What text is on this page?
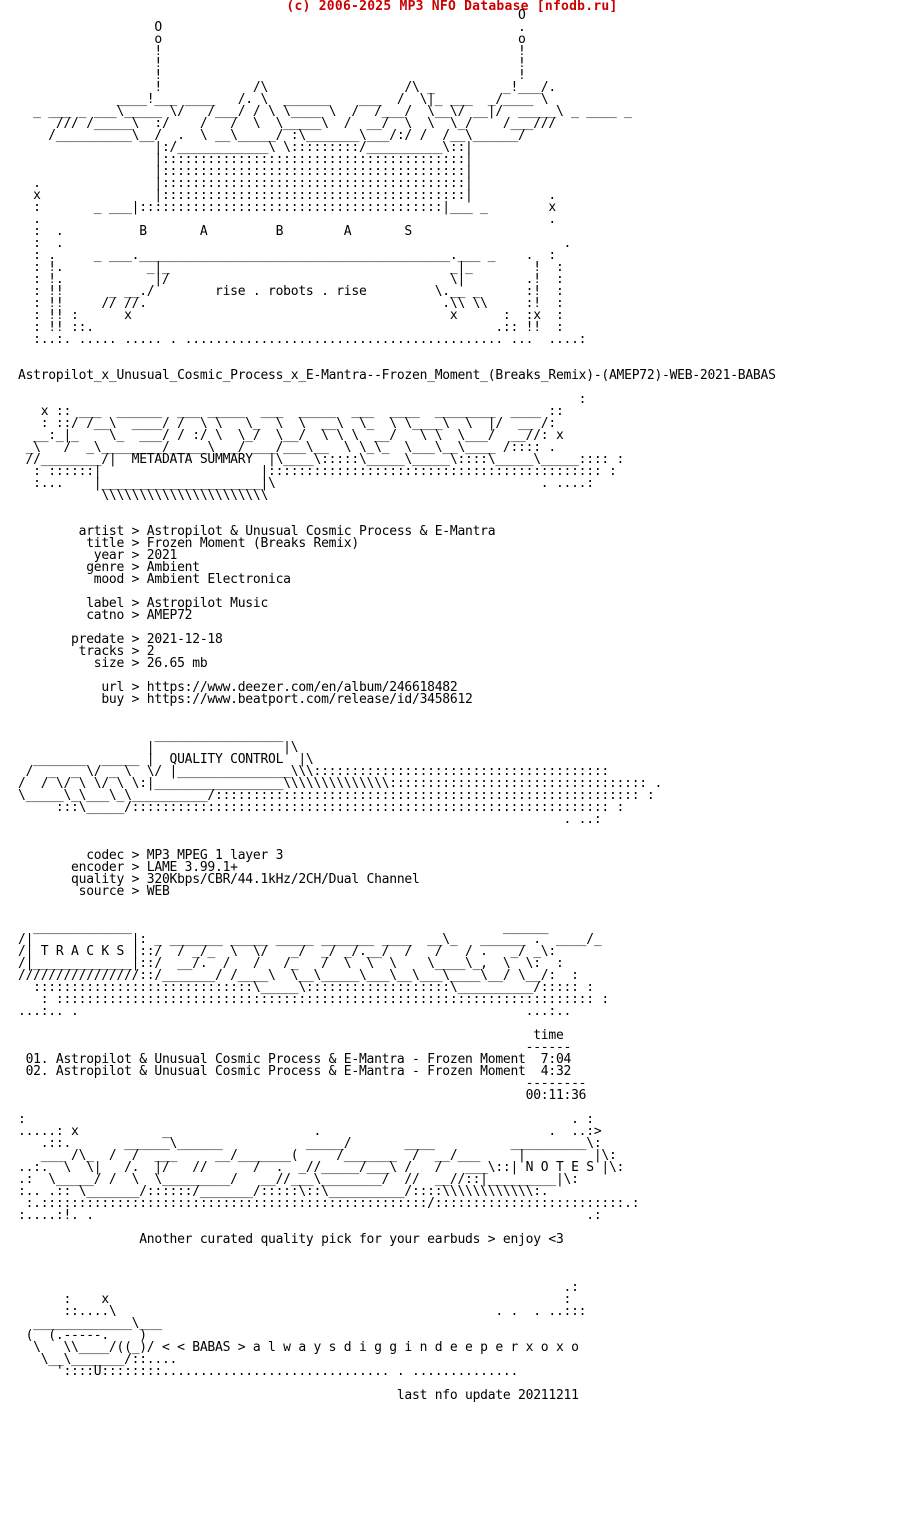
(c) 2006-2025 MP3 NFO Database [nfodb.ru]
O
O                                               .
o                                               o
!                                               !
!                                               !
!                                               !
!            /\                  /\ _         _!___/.
____!___ ____   /. \  ______    ___  /  \|_ ___  _/____ \
_ ___ _ ___\_____ \/   /___/ / \ \____ \  /  /___/  \__\/ __|/  _____\ _ ____ _
/// /_____\  :/    /   /  \  \_____\  /  __/  \  \  \_/    /___///
/__________\__/  .  \ __\_____/ :\_______\___/:/ /  /__\______/
|:/____________\ \:::::::::/__________\::|
|::::::::::::::::::::::::::::::::::::::::|
|::::::::::::::::::::::::::::::::::::::::|
.               |::::::::::::::::::::::::::::::::::::::::|
x               |::::::::::::::::::::::::::::::::::::::::|          .
:       _ ___|::::::::::::::::::::::::::::::::::::::::|___ _        x
.                                                                   .
:  .          B       A         B        A       S
:  .                                                                  .
: .     _ ___._________________________________________.___ _    .  :
: !.           _|_                                     _|_        !  :
: !.            |/                                     \|        .!  :
: !!      _ __./        rise . robots . rise         \.__ _      :!  :
: !!     // //.                                       .\\ \\     :!  :
: !! :      x                                          x      :  :x  :
: !! ::.                                                     .:: !!  :
:..:. ..... ..... . .......................................... ...  ....:

Astropilot_x_Unusual_Cosmic_Process_x_E-Mantra--Frozen_Moment_(Breaks_Remix)-(AMEP72)-WEB-2021-BABAS

:
x :: ___  ______  ___ _____  ___  _____  ___  ____  ________  ____ ::
: ::/ /__\  ____/ /  \ \   \_  \  \  __\  \_  \ \____\  \  |/  __ /:
__:_|_    \_  ___/ / :/ \  \_/  \__/  \ \ \  __/   \ \  \___/  __//: x
_\   /  _\________/_____\  _/ ___/___\__  \ \_\_  \___\__\____ /:::: .
//________/|  METADATA SUMMARY  |\____\:::::\_____\_____\::::\_____\_____:::: :
: ::::::|                     |:::::::::::::::::::::::::::::::::::::::::::: :
:...    |_____________________|\                                   . ....:
\\\\\\\\\\\\\\\\\\\\\\

artist > Astropilot & Unusual Cosmic Process & E-Mantra
title > Frozen Moment (Breaks Remix)
year > 2021
genre > Ambient
mood > Ambient Electronica

label > Astropilot Music
catno > AMEP72

predate > 2021-12-18
tracks > 2
size > 26.65 mb

url > https://www.deezer.com/en/album/246618482
buy > https://www.beatport.com/release/id/3458612

_________________
|                 |\
_______  _____ |  QUALITY CONTROL  |\
/  _  _ \/ _ \  \/ |_______________\\\:::::::::::::::::::::::::::::::::::::::
/  / \/ \ \/ \ \:|_________________\\\\\\\\\\\\\\:::::::::::::::::::::::::::::::::: .
\_____\_\___\_\__________/:::::::::::::::::::::::::::::::::::::::::::::::::::::::: :
:::\_____/::::::::::::::::::::::::::::::::::::::::::::::::::::::::::::::: :
. ..:

codec > MP3 MPEG 1 layer 3
encoder > LAME 3.99.1+
quality > 320Kbps/CBR/44.1kHz/2CH/Dual Channel
source > WEB

_____________                                                 ______
/|             |: _ _______ _____ _____ _______ ____  __\_   ______ .  ____/_
/| T R A C K S |::/  / _/_  \  \/   _/  _/ _/.__/  /   /   / .   _/ _\:
/|_____________|::/  __/.  /   /   /_   /  \  \  \    \____\_,  \  \:  :
////////////////::/_______/ /____\  \__\_____\___\__\___\____\__/ \__/:  :
:::::::::::::::::::::::::::::\_____\:::::::::::::::::::\__________/::::: :
: ::::::::::::::::::::::::::::::::::::::::::::::::::::::::::::::::::::::: :
...:.. .                                                           ...:..

time
------
01. Astropilot & Unusual Cosmic Process & E-Mantra - Frozen Moment  7:04
02. Astropilot & Unusual Cosmic Process & E-Mantra - Frozen Moment  4:32
--------
00:11:36

:                                                                        . :
.....: x           _                   .                              .  ..:>
.::.       ______\______           _____/       ____          __________\:
___ /\_  /  /  ___     __/_______(     /_______  /  __/___     |         |\:
..:.  \  \|   /.  |/   //      /  .  _//_____/___\ /   /   ___\::| N O T E S |\:
.:  \_____/ /  \  \_________/   __//___\________/  //  __//::|_________|\:
:.. .:: \_______/::::::/_______/:::::\::\__________/::::\\\\\\\\\\\\:.
:.:::::::::::::::::::::::::::::::::::::::::::::::::::/:::::::::::::::::::::::::.:
:....:!. .                                                                 .:

Another curated quality pick for your earbuds > enjoy <3

.:
:    x                                                            :
::....\                                                  . .  . ..:::
_____________\___
(  (.-----.    )
\   \\____/((_)/ < < BABAS > a l w a y s d i g g i n d e e p e r x o x o
\__\_______/::....
'::::U::::::::.............................. . ..............

last nfo update 20211211
